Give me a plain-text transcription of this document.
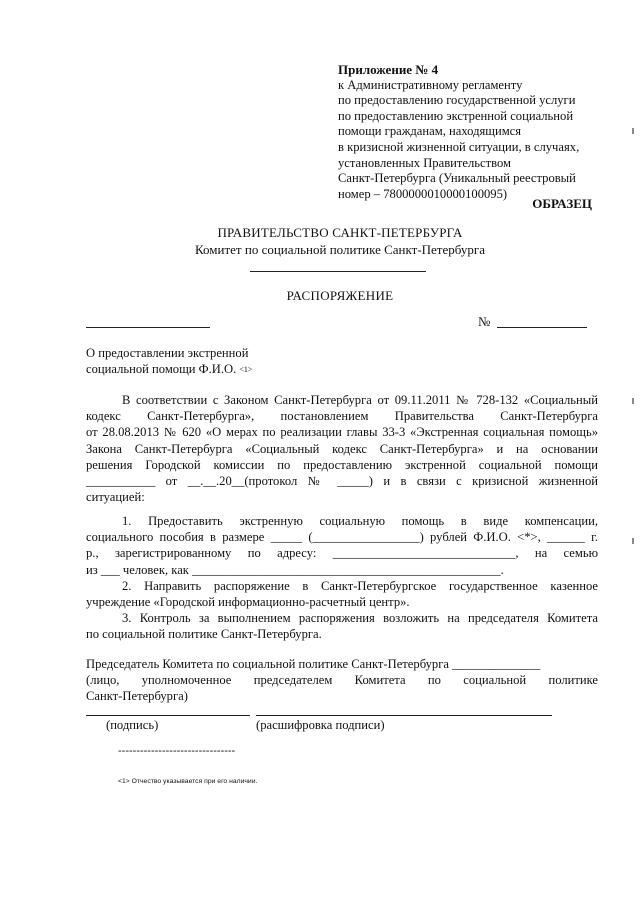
Приложение № 4
к Административному регламенту
по предоставлению государственной услуги
по предоставлению экстренной социальной
помощи гражданам, находящимся
в кризисной жизненной ситуации, в случаях,
установленных Правительством
Санкт-Петербурга (Уникальный реестровый
номер – 7800000010000100095)
ОБРАЗЕЦ
ПРАВИТЕЛЬСТВО САНКТ-ПЕТЕРБУРГА
Комитет по социальной политике Санкт-Петербурга
РАСПОРЯЖЕНИЕ
№
О предоставлении экстренной
социальной помощи Ф.И.О. $^{<1>}$

В соответствии с Законом Санкт-Петербурга от 09.11.2011 № 728-132 «Социальный

кодекс Санкт-Петербурга», постановлением Правительства Санкт-Петербурга

от 28.08.2013 № 620 «О мерах по реализации главы 33-3 «Экстренная социальная помощь»

Закона Санкт-Петербурга «Социальный кодекс Санкт-Петербурга» и на основании

решения Городской комиссии по предоставлению экстренной социальной помощи

___________ от __.__.20__(протокол № _____) и в связи с кризисной жизненной

ситуацией:

1. Предоставить экстренную социальную помощь в виде компенсации,

социального пособия в размере _____ (_________________) рублей Ф.И.О. <*>, ______ г.

р., зарегистрированному по адресу: _____________________________, на семью

из ___ человек, как _________________________________________________.

2. Направить распоряжение в Санкт-Петербургское государственное казенное

учреждение «Городской информационно-расчетный центр».

3. Контроль за выполнением распоряжения возложить на председателя Комитета

по социальной политике Санкт-Петербурга.

Председатель Комитета по социальной политике Санкт-Петербурга ______________

(лицо, уполномоченное председателем Комитета по социальной политике

Санкт-Петербурга)

(подпись)	(расшифровка подписи)
--------------------------------
<1> Отчество указывается при его наличии.
